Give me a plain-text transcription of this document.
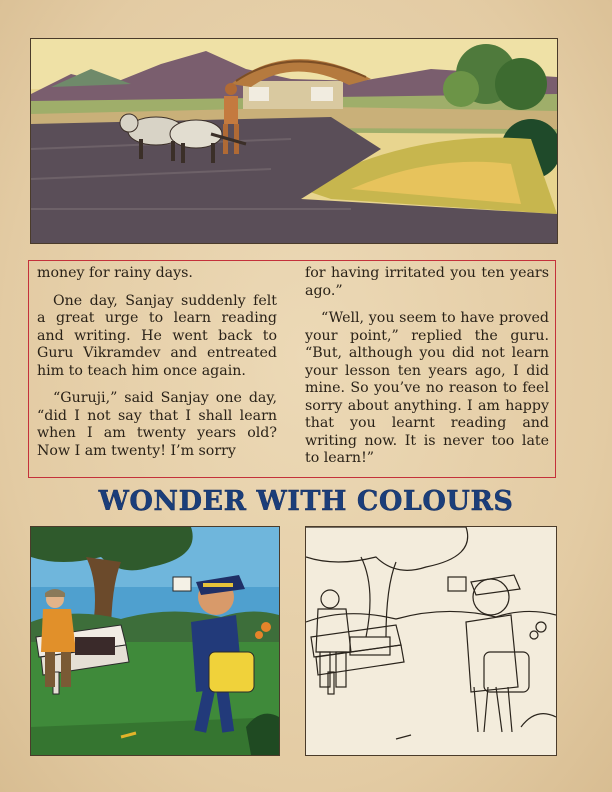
money for rainy days.

One day, Sanjay suddenly felt a great urge to learn reading and writing. He went back to Guru Vikramdev and entreated him to teach him once again.

“Guruji,” said Sanjay one day, “did I not say that I shall learn when I am twenty years old? Now I am twenty! I’m sorry

for having irritated you ten years ago.”

“Well, you seem to have proved your point,” replied the guru. “But, although you did not learn your lesson ten years ago, I did mine. So you’ve no reason to feel sorry about anything. I am happy that you learnt reading and writing now. It is never too late to learn!”

WONDER WITH COLOURS
